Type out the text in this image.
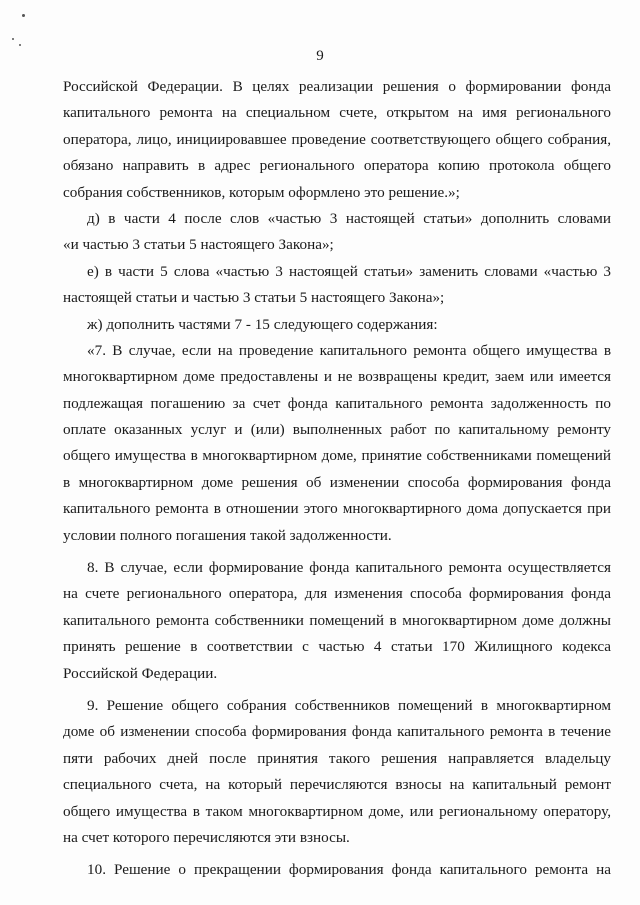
9
Российской Федерации. В целях реализации решения о формировании фонда
капитального ремонта на специальном счете, открытом на имя регионального
оператора, лицо, инициировавшее проведение соответствующего общего собрания,
обязано направить в адрес регионального оператора копию протокола общего
собрания собственников, которым оформлено это решение.»;
д) в части 4 после слов «частью 3 настоящей статьи» дополнить словами
«и частью 3 статьи 5 настоящего Закона»;
е) в части 5 слова «частью 3 настоящей статьи» заменить словами «частью 3
настоящей статьи и частью 3 статьи 5 настоящего Закона»;
ж) дополнить частями 7 - 15 следующего содержания:
«7. В случае, если на проведение капитального ремонта общего имущества в
многоквартирном доме предоставлены и не возвращены кредит, заем или имеется
подлежащая погашению за счет фонда капитального ремонта задолженность по
оплате оказанных услуг и (или) выполненных работ по капитальному ремонту
общего имущества в многоквартирном доме, принятие собственниками помещений
в многоквартирном доме решения об изменении способа формирования фонда
капитального ремонта в отношении этого многоквартирного дома допускается при
условии полного погашения такой задолженности.
8. В случае, если формирование фонда капитального ремонта осуществляется
на счете регионального оператора, для изменения способа формирования фонда
капитального ремонта собственники помещений в многоквартирном доме должны
принять решение в соответствии с частью 4 статьи 170 Жилищного кодекса
Российской Федерации.
9. Решение общего собрания собственников помещений в многоквартирном
доме об изменении способа формирования фонда капитального ремонта в течение
пяти рабочих дней после принятия такого решения направляется владельцу
специального счета, на который перечисляются взносы на капитальный ремонт
общего имущества в таком многоквартирном доме, или региональному оператору,
на счет которого перечисляются эти взносы.
10. Решение о прекращении формирования фонда капитального ремонта на
